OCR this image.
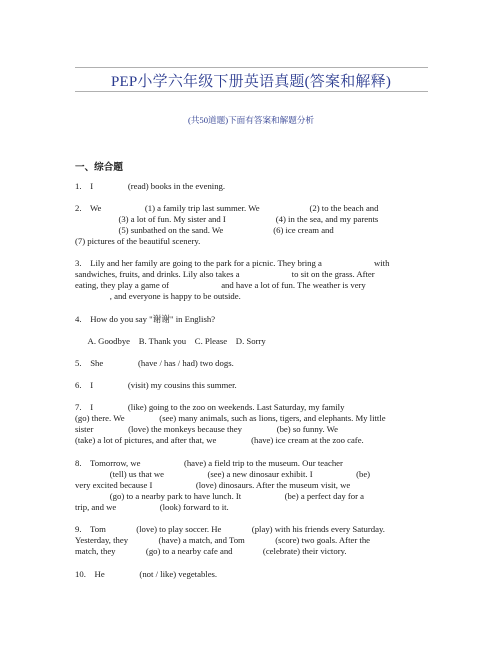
PEP小学六年级下册英语真题(答案和解释)
(共50道题)下面有答案和解题分析
一、综合题
1.    I                (read) books in the evening.
2.    We                    (1) a family trip last summer. We                       (2) to the beach and
(3) a lot of fun. My sister and I                       (4) in the sea, and my parents
(5) sunbathed on the sand. We                       (6) ice cream and
(7) pictures of the beautiful scenery.
3.    Lily and her family are going to the park for a picnic. They bring a                        with
sandwiches, fruits, and drinks. Lily also takes a                        to sit on the grass. After
eating, they play a game of                        and have a lot of fun. The weather is very
, and everyone is happy to be outside.
4.    How do you say "谢谢" in English?
A. Goodbye    B. Thank you    C. Please    D. Sorry
5.    She                (have / has / had) two dogs.
6.    I                (visit) my cousins this summer.
7.    I                (like) going to the zoo on weekends. Last Saturday, my family
(go) there. We                (see) many animals, such as lions, tigers, and elephants. My little
sister                (love) the monkeys because they                (be) so funny. We
(take) a lot of pictures, and after that, we                (have) ice cream at the zoo cafe.
8.    Tomorrow, we                    (have) a field trip to the museum. Our teacher
(tell) us that we                    (see) a new dinosaur exhibit. I                    (be)
very excited because I                    (love) dinosaurs. After the museum visit, we
(go) to a nearby park to have lunch. It                    (be) a perfect day for a
trip, and we                    (look) forward to it.
9.    Tom              (love) to play soccer. He              (play) with his friends every Saturday.
Yesterday, they              (have) a match, and Tom              (score) two goals. After the
match, they              (go) to a nearby cafe and              (celebrate) their victory.
10.    He                (not / like) vegetables.
